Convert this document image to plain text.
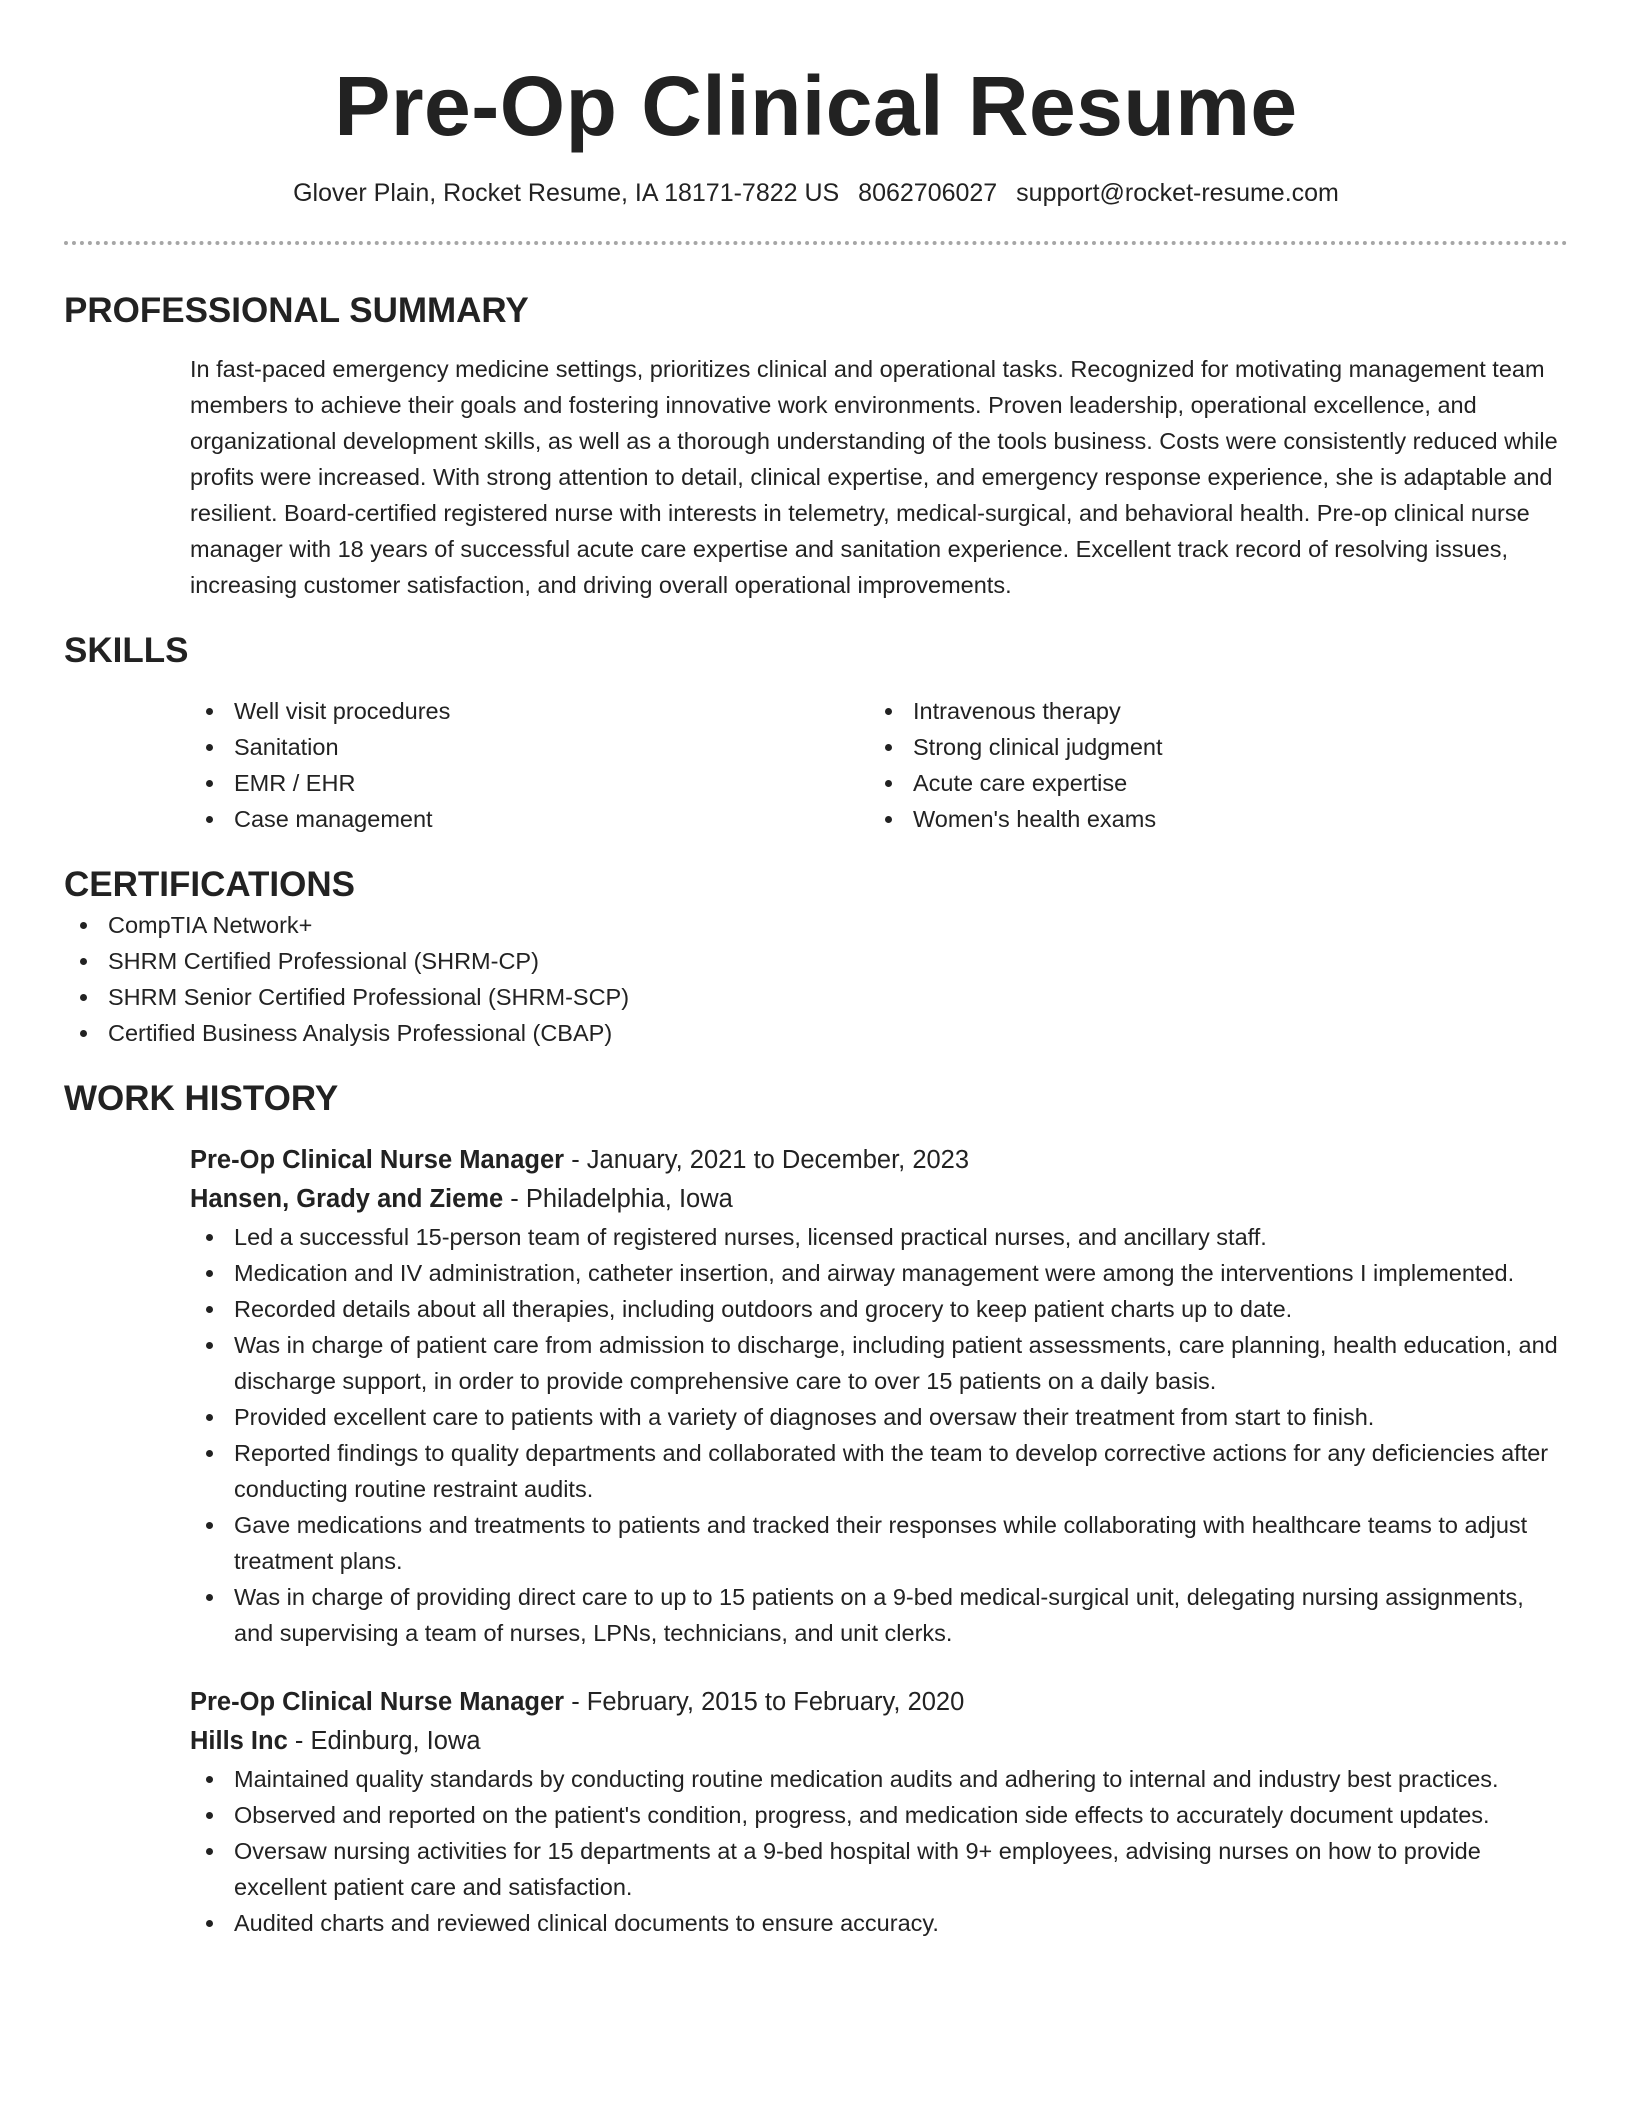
Pre-Op Clinical Resume
Glover Plain, Rocket Resume, IA 18171-7822 US 8062706027 support@rocket-resume.com
PROFESSIONAL SUMMARY

In fast-paced emergency medicine settings, prioritizes clinical and operational tasks. Recognized for motivating management team members to achieve their goals and fostering innovative work environments. Proven leadership, operational excellence, and organizational development skills, as well as a thorough understanding of the tools business. Costs were consistently reduced while profits were increased. With strong attention to detail, clinical expertise, and emergency response experience, she is adaptable and resilient. Board-certified registered nurse with interests in telemetry, medical-surgical, and behavioral health. Pre-op clinical nurse manager with 18 years of successful acute care expertise and sanitation experience. Excellent track record of resolving issues, increasing customer satisfaction, and driving overall operational improvements.

SKILLS
Well visit procedures
Sanitation
EMR / EHR
Case management
Intravenous therapy
Strong clinical judgment
Acute care expertise
Women's health exams
CERTIFICATIONS
CompTIA Network+
SHRM Certified Professional (SHRM-CP)
SHRM Senior Certified Professional (SHRM-SCP)
Certified Business Analysis Professional (CBAP)
WORK HISTORY
Pre-Op Clinical Nurse Manager - January, 2021 to December, 2023
Hansen, Grady and Zieme - Philadelphia, Iowa
Led a successful 15-person team of registered nurses, licensed practical nurses, and ancillary staff.
Medication and IV administration, catheter insertion, and airway management were among the interventions I implemented.
Recorded details about all therapies, including outdoors and grocery to keep patient charts up to date.
Was in charge of patient care from admission to discharge, including patient assessments, care planning, health education, and discharge support, in order to provide comprehensive care to over 15 patients on a daily basis.
Provided excellent care to patients with a variety of diagnoses and oversaw their treatment from start to finish.
Reported findings to quality departments and collaborated with the team to develop corrective actions for any deficiencies after conducting routine restraint audits.
Gave medications and treatments to patients and tracked their responses while collaborating with healthcare teams to adjust treatment plans.
Was in charge of providing direct care to up to 15 patients on a 9-bed medical-surgical unit, delegating nursing assignments, and supervising a team of nurses, LPNs, technicians, and unit clerks.
Pre-Op Clinical Nurse Manager - February, 2015 to February, 2020
Hills Inc - Edinburg, Iowa
Maintained quality standards by conducting routine medication audits and adhering to internal and industry best practices.
Observed and reported on the patient's condition, progress, and medication side effects to accurately document updates.
Oversaw nursing activities for 15 departments at a 9-bed hospital with 9+ employees, advising nurses on how to provide excellent patient care and satisfaction.
Audited charts and reviewed clinical documents to ensure accuracy.
